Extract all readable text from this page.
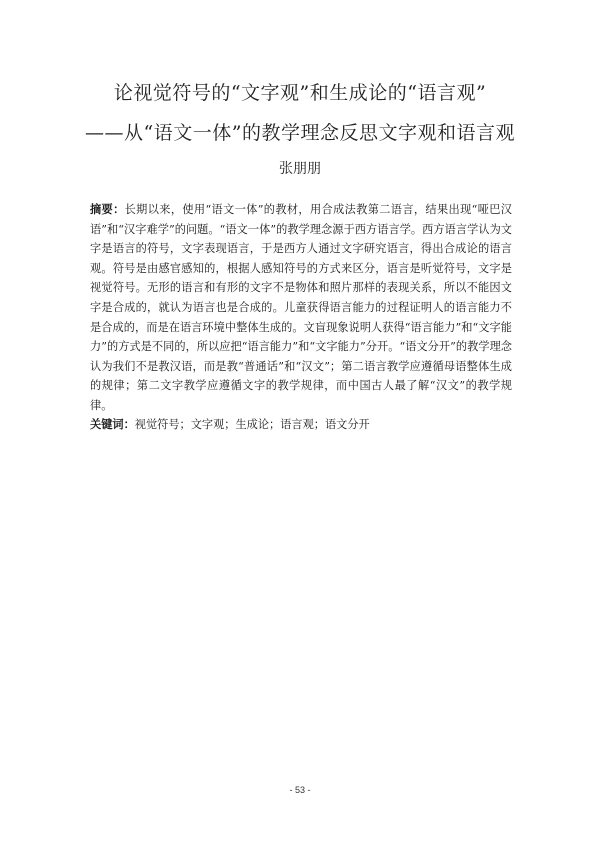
论视觉符号的“文字观”和生成论的“语言观”
——从“语文一体”的教学理念反思文字观和语言观
张朋朋
摘要：长期以来，使用“语文一体”的教材，用合成法教第二语言，结果出现“哑巴汉语”和“汉字难学”的问题。“语文一体”的教学理念源于西方语言学。西方语言学认为文字是语言的符号，文字表现语言，于是西方人通过文字研究语言，得出合成论的语言观。符号是由感官感知的，根据人感知符号的方式来区分，语言是听觉符号，文字是视觉符号。无形的语言和有形的文字不是物体和照片那样的表现关系，所以不能因文字是合成的，就认为语言也是合成的。儿童获得语言能力的过程证明人的语言能力不是合成的，而是在语言环境中整体生成的。文盲现象说明人获得“语言能力”和“文字能力”的方式是不同的，所以应把“语言能力”和“文字能力”分开。“语文分开”的教学理念认为我们不是教汉语，而是教“普通话”和“汉文”；第二语言教学应遵循母语整体生成的规律；第二文字教学应遵循文字的教学规律，而中国古人最了解“汉文”的教学规律。
关键词：视觉符号；文字观；生成论；语言观；语文分开
- 53 -
